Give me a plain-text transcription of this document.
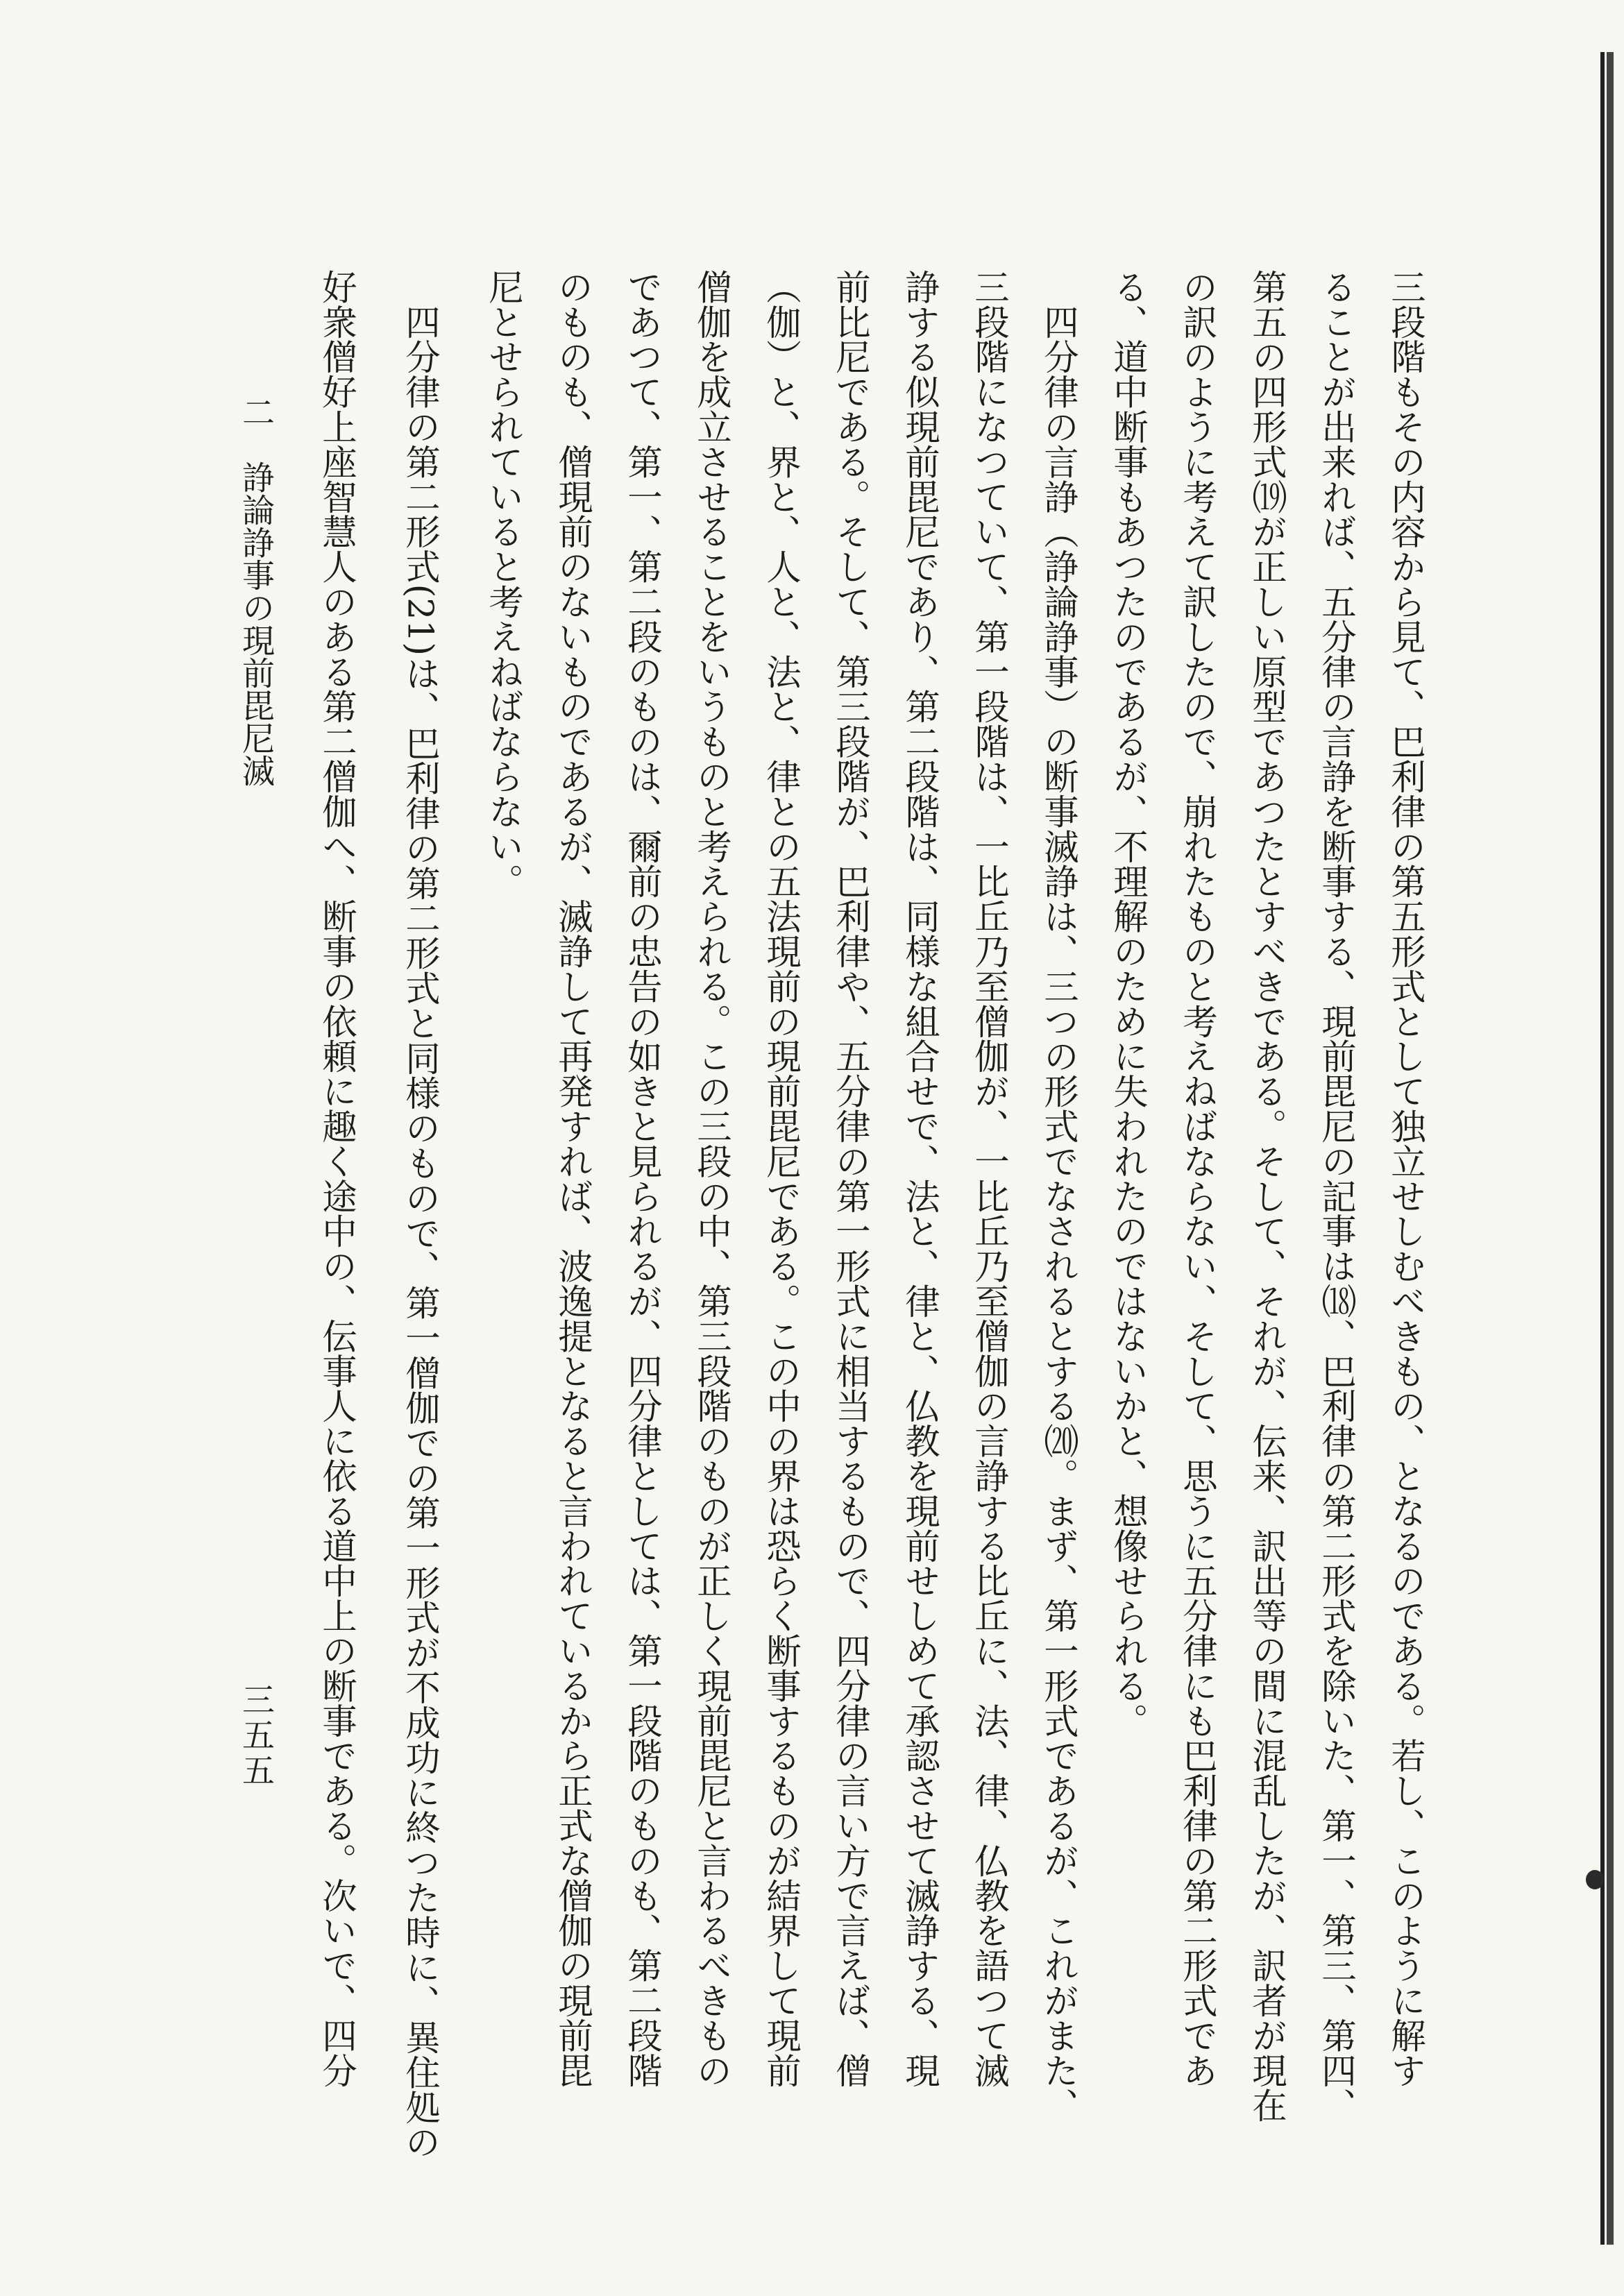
三段階もその内容から見て、巴利律の第五形式として独立せしむべきもの、となるのである。若し、このように解す
ることが出来れば、五分律の言諍を断事する、現前毘尼の記事は⒅、巴利律の第二形式を除いた、第一、第三、第四、
第五の四形式⒆が正しい原型であつたとすべきである。そして、それが、伝来、訳出等の間に混乱したが、訳者が現在
の訳のように考えて訳したので、崩れたものと考えねばならない、そして、思うに五分律にも巴利律の第二形式であ
る、道中断事もあつたのであるが、不理解のために失われたのではないかと、想像せられる。
　四分律の言諍（諍論諍事）の断事滅諍は、三つの形式でなされるとする⒇。まず、第一形式であるが、これがまた、
三段階になつていて、第一段階は、一比丘乃至僧伽が、一比丘乃至僧伽の言諍する比丘に、法、律、仏教を語つて滅
諍する似現前毘尼であり、第二段階は、同様な組合せで、法と、律と、仏教を現前せしめて承認させて滅諍する、現
前比尼である。そして、第三段階が、巴利律や、五分律の第一形式に相当するもので、四分律の言い方で言えば、僧
（伽）と、界と、人と、法と、律との五法現前の現前毘尼である。この中の界は恐らく断事するものが結界して現前
僧伽を成立させることをいうものと考えられる。この三段の中、第三段階のものが正しく現前毘尼と言わるべきもの
であつて、第一、第二段のものは、爾前の忠告の如きと見られるが、四分律としては、第一段階のものも、第二段階
のものも、僧現前のないものであるが、滅諍して再発すれば、波逸提となると言われているから正式な僧伽の現前毘
尼とせられていると考えねばならない。
　四分律の第二形式(21)は、巴利律の第二形式と同様のもので、第一僧伽での第一形式が不成功に終つた時に、異住処の
好衆僧好上座智慧人のある第二僧伽へ、断事の依頼に趣く途中の、伝事人に依る道中上の断事である。次いで、四分
二　諍論諍事の現前毘尼滅
三五五
